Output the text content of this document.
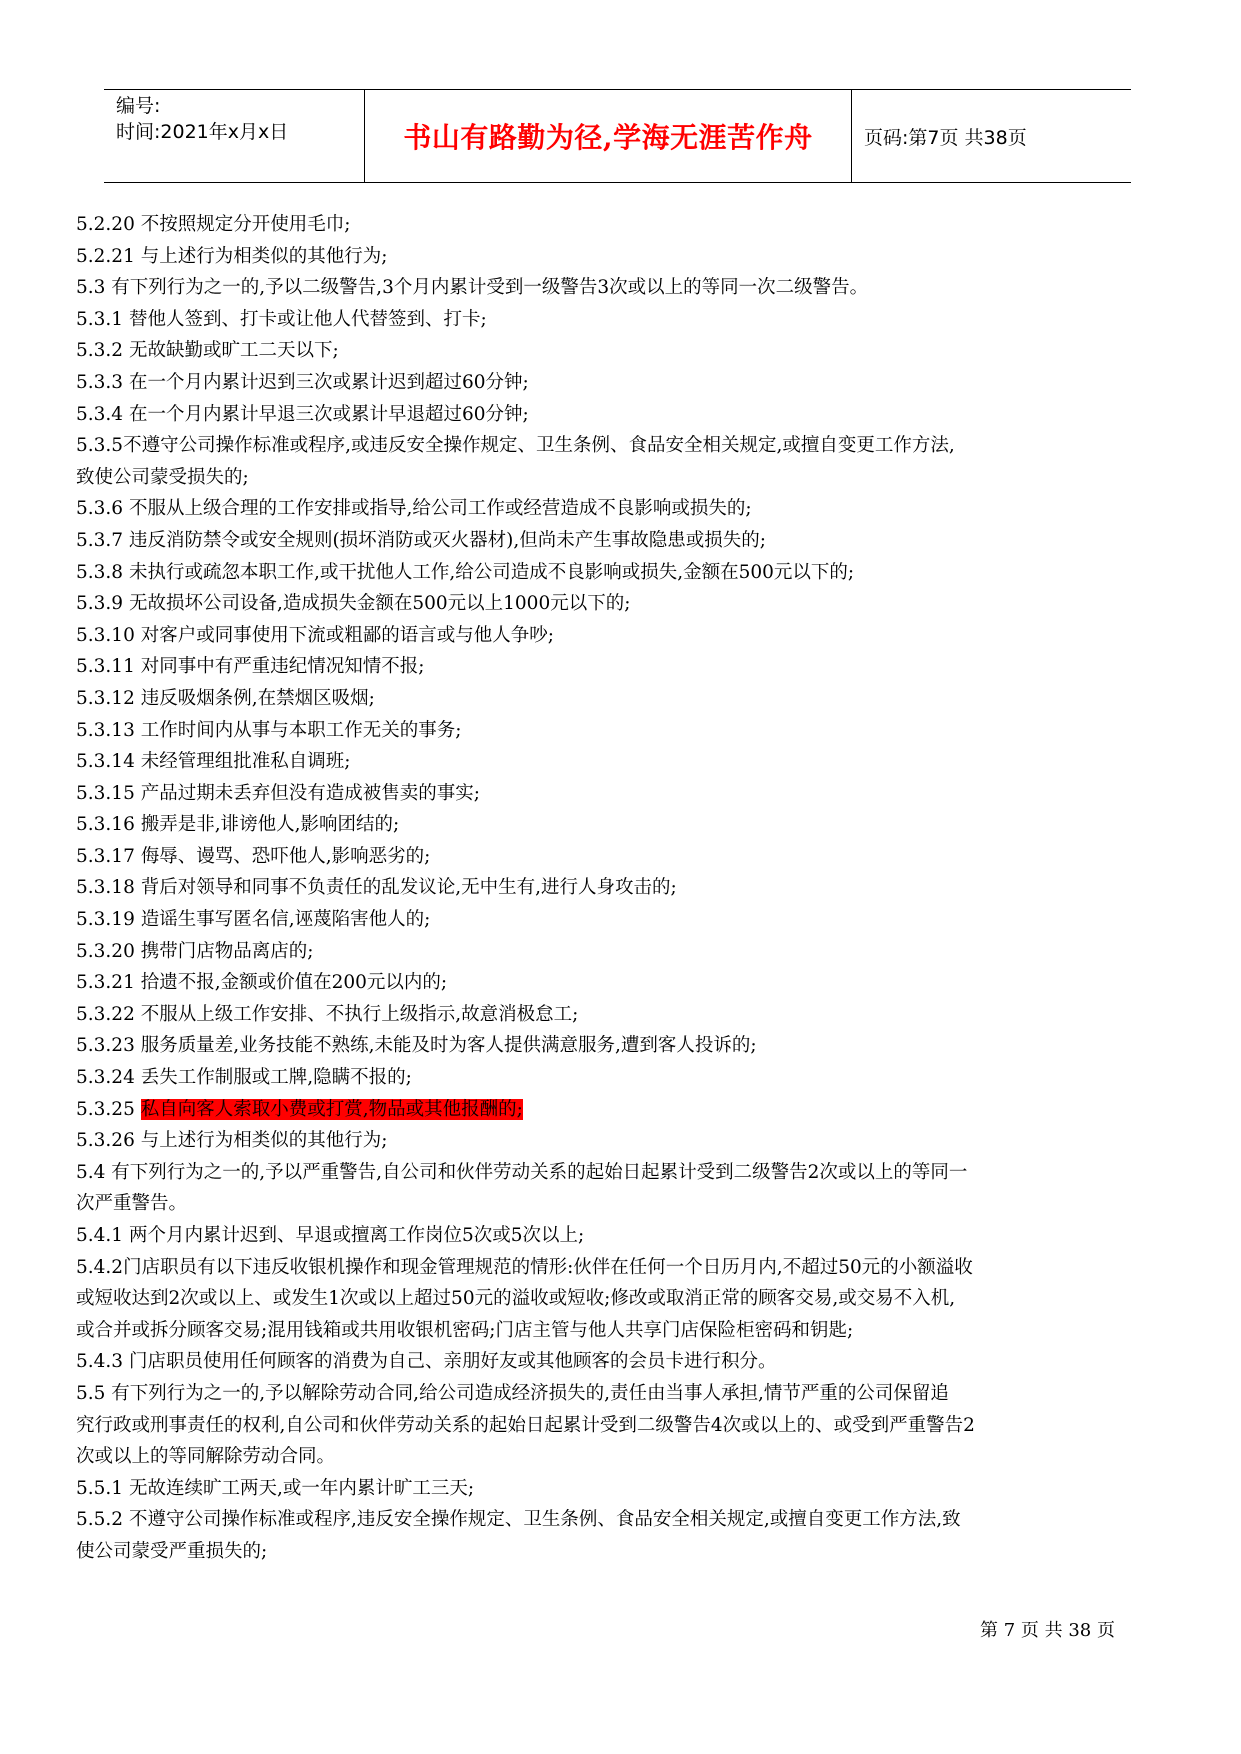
编号:
时间:2021年x月x日	书山有路勤为径,学海无涯苦作舟	页码:第7页 共38页

5.2.20 不按照规定分开使用毛巾;

5.2.21 与上述行为相类似的其他行为;

5.3 有下列行为之一的,予以二级警告,3个月内累计受到一级警告3次或以上的等同一次二级警告。

5.3.1 替他人签到、打卡或让他人代替签到、打卡;

5.3.2 无故缺勤或旷工二天以下;

5.3.3 在一个月内累计迟到三次或累计迟到超过60分钟;

5.3.4 在一个月内累计早退三次或累计早退超过60分钟;

5.3.5不遵守公司操作标准或程序,或违反安全操作规定、卫生条例、食品安全相关规定,或擅自变更工作方法,

致使公司蒙受损失的;

5.3.6 不服从上级合理的工作安排或指导,给公司工作或经营造成不良影响或损失的;

5.3.7 违反消防禁令或安全规则(损坏消防或灭火器材),但尚未产生事故隐患或损失的;

5.3.8 未执行或疏忽本职工作,或干扰他人工作,给公司造成不良影响或损失,金额在500元以下的;

5.3.9 无故损坏公司设备,造成损失金额在500元以上1000元以下的;

5.3.10 对客户或同事使用下流或粗鄙的语言或与他人争吵;

5.3.11 对同事中有严重违纪情况知情不报;

5.3.12 违反吸烟条例,在禁烟区吸烟;

5.3.13 工作时间内从事与本职工作无关的事务;

5.3.14 未经管理组批准私自调班;

5.3.15 产品过期未丢弃但没有造成被售卖的事实;

5.3.16 搬弄是非,诽谤他人,影响团结的;

5.3.17 侮辱、谩骂、恐吓他人,影响恶劣的;

5.3.18 背后对领导和同事不负责任的乱发议论,无中生有,进行人身攻击的;

5.3.19 造谣生事写匿名信,诬蔑陷害他人的;

5.3.20 携带门店物品离店的;

5.3.21 拾遗不报,金额或价值在200元以内的;

5.3.22 不服从上级工作安排、不执行上级指示,故意消极怠工;

5.3.23 服务质量差,业务技能不熟练,未能及时为客人提供满意服务,遭到客人投诉的;

5.3.24 丢失工作制服或工牌,隐瞒不报的;

5.3.25 私自向客人索取小费或打赏,物品或其他报酬的;

5.3.26 与上述行为相类似的其他行为;

5.4 有下列行为之一的,予以严重警告,自公司和伙伴劳动关系的起始日起累计受到二级警告2次或以上的等同一

次严重警告。

5.4.1 两个月内累计迟到、早退或擅离工作岗位5次或5次以上;

5.4.2门店职员有以下违反收银机操作和现金管理规范的情形:伙伴在任何一个日历月内,不超过50元的小额溢收

或短收达到2次或以上、或发生1次或以上超过50元的溢收或短收;修改或取消正常的顾客交易,或交易不入机,

或合并或拆分顾客交易;混用钱箱或共用收银机密码;门店主管与他人共享门店保险柜密码和钥匙;

5.4.3 门店职员使用任何顾客的消费为自己、亲朋好友或其他顾客的会员卡进行积分。

5.5 有下列行为之一的,予以解除劳动合同,给公司造成经济损失的,责任由当事人承担,情节严重的公司保留追

究行政或刑事责任的权利,自公司和伙伴劳动关系的起始日起累计受到二级警告4次或以上的、或受到严重警告2

次或以上的等同解除劳动合同。

5.5.1 无故连续旷工两天,或一年内累计旷工三天;

5.5.2 不遵守公司操作标准或程序,违反安全操作规定、卫生条例、食品安全相关规定,或擅自变更工作方法,致

使公司蒙受严重损失的;

第 7 页 共 38 页
